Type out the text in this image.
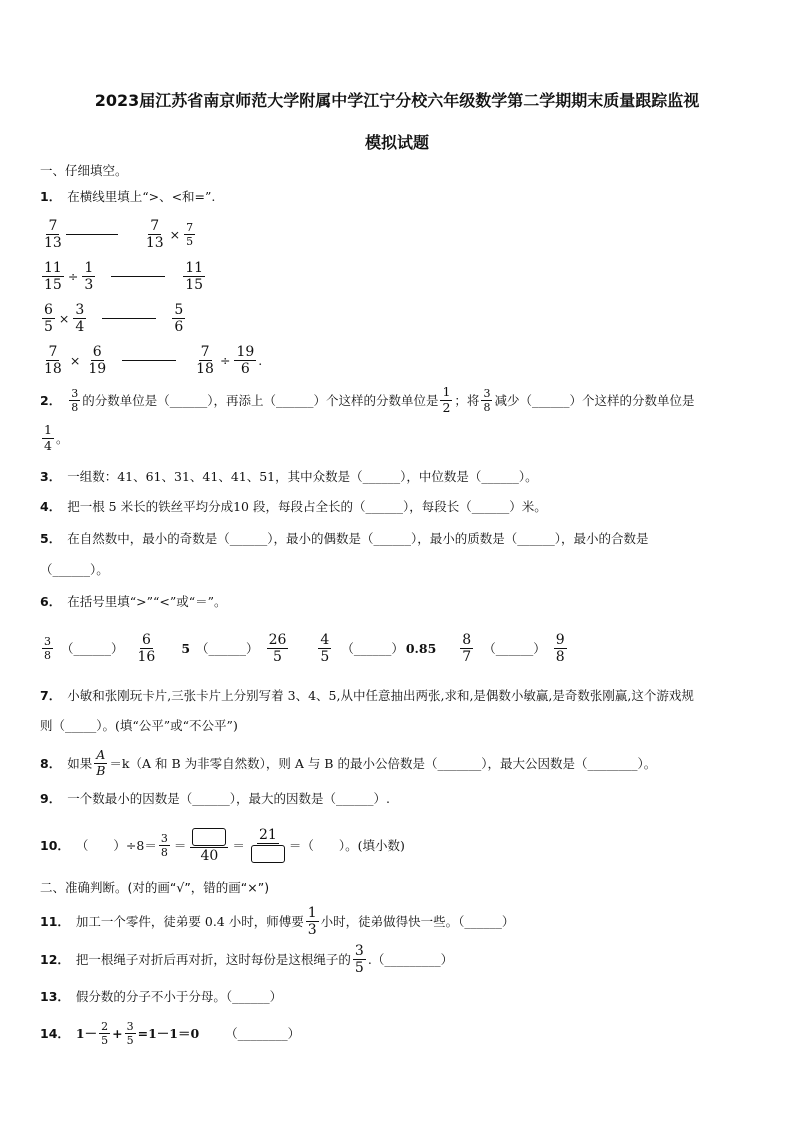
2023届江苏省南京师范大学附属中学江宁分校六年级数学第二学期期末质量跟踪监视
模拟试题
一、仔细填空。
1． 在横线里填上“>、<和=”.
$\frac{7}{13}$	$\frac{7}{13} \times \frac{7}{5}$
$\frac{11}{15} \div \frac{1}{3}$	$\frac{11}{15}$
$\frac{6}{5} \times \frac{3}{4}$	$\frac{5}{6}$
$\frac{7}{18} \times \frac{6}{19}$	$\frac{7}{18} \div \frac{19}{6}$ .
2． $\frac{3}{8}$ 的分数单位是（______），再添上（______）个这样的分数单位是 $\frac{1}{2}$ ；将 $\frac{3}{8}$ 减少（______）个这样的分数单位是
$\frac{1}{4}$ 。
3． 一组数：41、61、31、41、41、51，其中众数是（______），中位数是（______）。
4． 把一根 5 米长的铁丝平均分成10 段，每段占全长的（______），每段长（______）米。
5． 在自然数中，最小的奇数是（______），最小的偶数是（______），最小的质数是（______），最小的合数是
（______）。
6． 在括号里填“>”“<”或“＝”。
$\frac{3}{8}$ （______） $\frac{6}{16} 5$ （______） $\frac{26}{5} \frac{4}{5}$ （______） $0.85 \frac{8}{7}$ （______） $\frac{9}{8}$
7． 小敏和张刚玩卡片,三张卡片上分别写着 3、4、5,从中任意抽出两张,求和,是偶数小敏赢,是奇数张刚赢,这个游戏规
则（_____）。(填“公平”或“不公平”)
8． 如果 $\frac{A}{B} =k(A$ 和 B 为非零自然数），则 A 与 B 的最小公倍数是（_______），最大公因数是（________）。
9． 一个数最小的因数是（______），最大的因数是（______）.
10． （　　）$\div 8= \frac{3}{8}$ ＝
40
＝
21
＝（　　）。(填小数)
二、准确判断。(对的画“√”，错的画“×”)
11． 加工一个零件，徒弟要 0.4 小时，师傅要 $\frac{1}{3}$ 小时，徒弟做得快一些。（______）
12． 把一根绳子对折后再对折，这时每份是这根绳子的 $\frac{3}{5}$ .（_________）
13． 假分数的分子不小于分母。（______）
14． $1- \frac{2}{5} + \frac{3}{5} =1-1=0$ （________）
